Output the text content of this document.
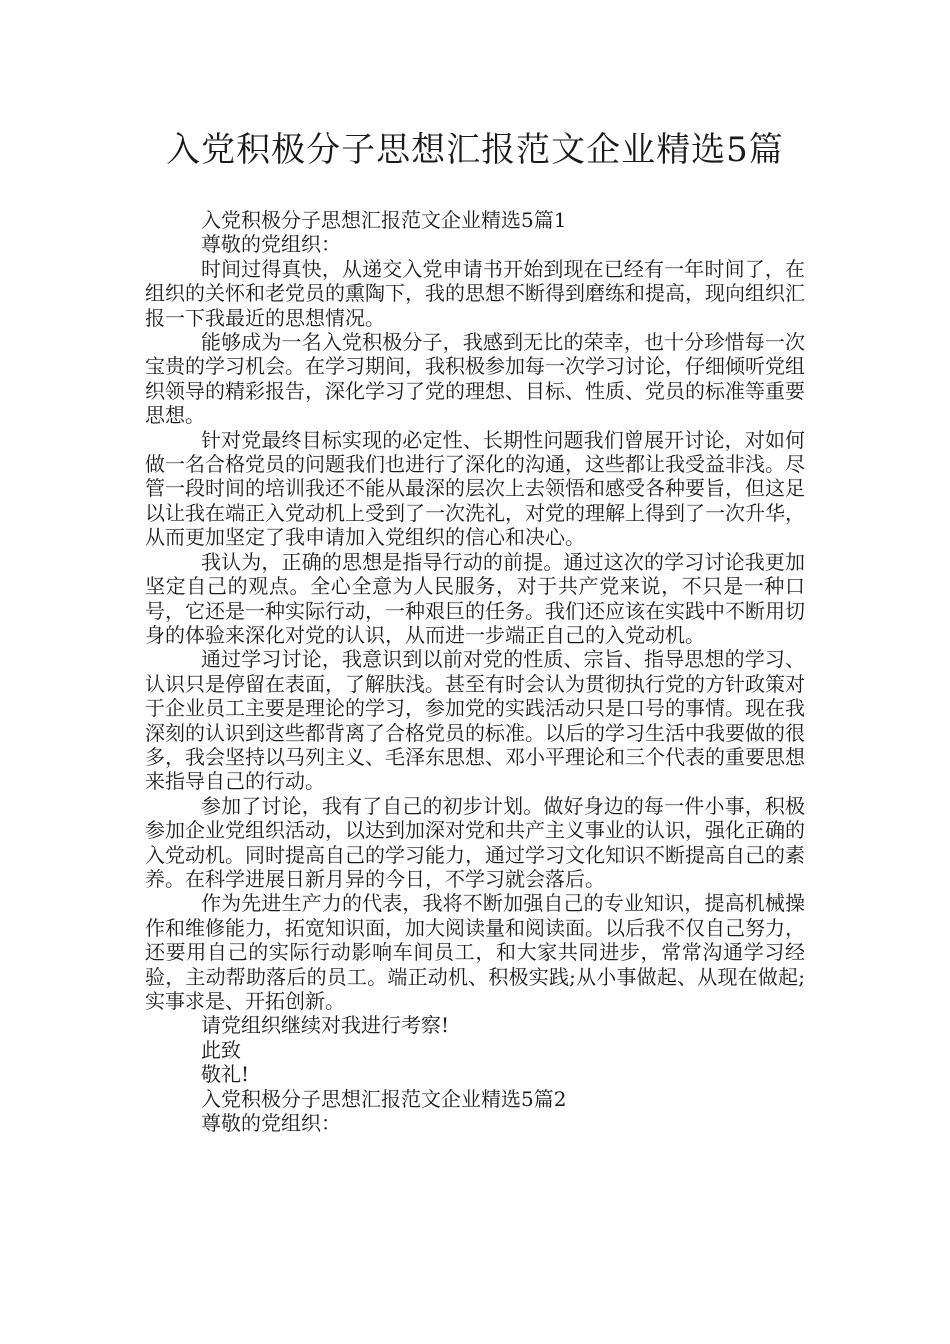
入党积极分子思想汇报范文企业精选5篇

入党积极分子思想汇报范文企业精选5篇1

尊敬的党组织：

时间过得真快，从递交入党申请书开始到现在已经有一年时间了，在组织的关怀和老党员的熏陶下，我的思想不断得到磨练和提高，现向组织汇报一下我最近的思想情况。

能够成为一名入党积极分子，我感到无比的荣幸，也十分珍惜每一次宝贵的学习机会。在学习期间，我积极参加每一次学习讨论，仔细倾听党组织领导的精彩报告，深化学习了党的理想、目标、性质、党员的标准等重要思想。

针对党最终目标实现的必定性、长期性问题我们曾展开讨论，对如何做一名合格党员的问题我们也进行了深化的沟通，这些都让我受益非浅。尽管一段时间的培训我还不能从最深的层次上去领悟和感受各种要旨，但这足以让我在端正入党动机上受到了一次洗礼，对党的理解上得到了一次升华，从而更加坚定了我申请加入党组织的信心和决心。

我认为，正确的思想是指导行动的前提。通过这次的学习讨论我更加坚定自己的观点。全心全意为人民服务，对于共产党来说，不只是一种口号，它还是一种实际行动，一种艰巨的任务。我们还应该在实践中不断用切身的体验来深化对党的认识，从而进一步端正自己的入党动机。

通过学习讨论，我意识到以前对党的性质、宗旨、指导思想的学习、认识只是停留在表面，了解肤浅。甚至有时会认为贯彻执行党的方针政策对于企业员工主要是理论的学习，参加党的实践活动只是口号的事情。现在我深刻的认识到这些都背离了合格党员的标准。以后的学习生活中我要做的很多，我会坚持以马列主义、毛泽东思想、邓小平理论和三个代表的重要思想来指导自己的行动。

参加了讨论，我有了自己的初步计划。做好身边的每一件小事，积极参加企业党组织活动，以达到加深对党和共产主义事业的认识，强化正确的入党动机。同时提高自己的学习能力，通过学习文化知识不断提高自己的素养。在科学进展日新月异的今日，不学习就会落后。

作为先进生产力的代表，我将不断加强自己的专业知识，提高机械操作和维修能力，拓宽知识面，加大阅读量和阅读面。以后我不仅自己努力，还要用自己的实际行动影响车间员工，和大家共同进步，常常沟通学习经验，主动帮助落后的员工。端正动机、积极实践;从小事做起、从现在做起;实事求是、开拓创新。

请党组织继续对我进行考察!

此致

敬礼!

入党积极分子思想汇报范文企业精选5篇2

尊敬的党组织：
